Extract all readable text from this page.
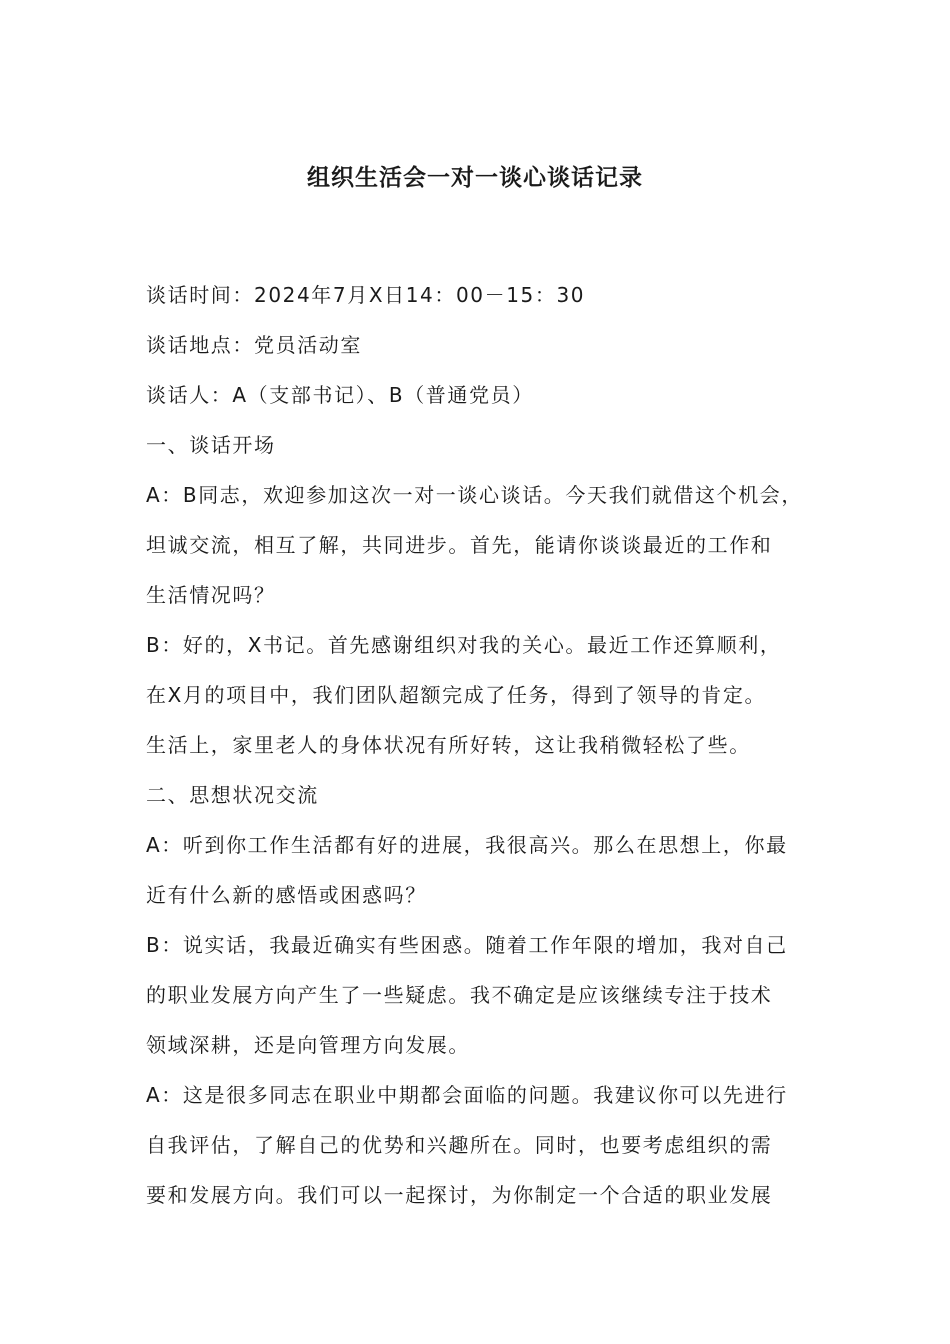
组织生活会一对一谈心谈话记录
谈话时间：2024年7月X日14：00－15：30
谈话地点：党员活动室
谈话人：A（支部书记）、B（普通党员）
一、谈话开场
A：B同志，欢迎参加这次一对一谈心谈话。今天我们就借这个机会，
坦诚交流，相互了解，共同进步。首先，能请你谈谈最近的工作和
生活情况吗？
B：好的，X书记。首先感谢组织对我的关心。最近工作还算顺利，
在X月的项目中，我们团队超额完成了任务，得到了领导的肯定。
生活上，家里老人的身体状况有所好转，这让我稍微轻松了些。
二、思想状况交流
A：听到你工作生活都有好的进展，我很高兴。那么在思想上，你最
近有什么新的感悟或困惑吗？
B：说实话，我最近确实有些困惑。随着工作年限的增加，我对自己
的职业发展方向产生了一些疑虑。我不确定是应该继续专注于技术
领域深耕，还是向管理方向发展。
A：这是很多同志在职业中期都会面临的问题。我建议你可以先进行
自我评估，了解自己的优势和兴趣所在。同时，也要考虑组织的需
要和发展方向。我们可以一起探讨，为你制定一个合适的职业发展
